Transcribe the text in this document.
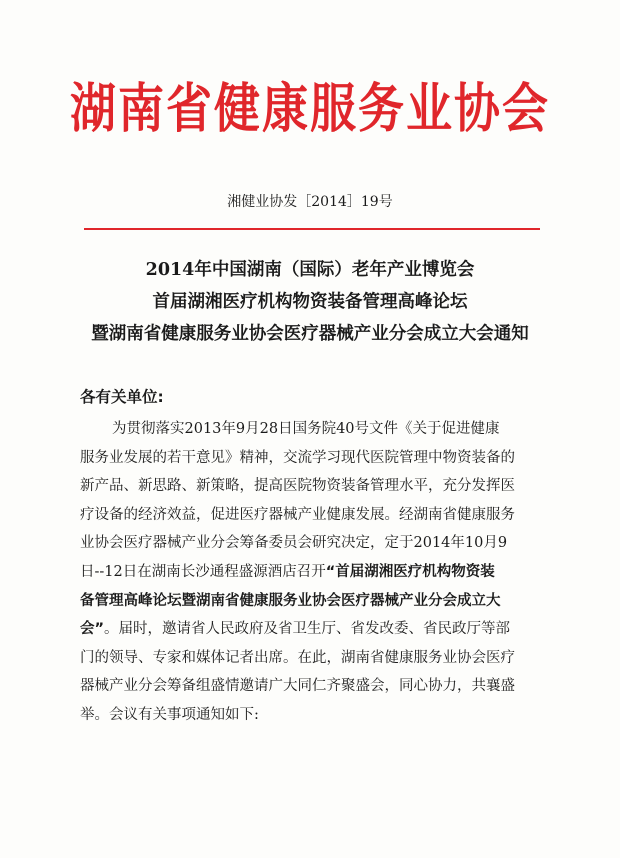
湖南省健康服务业协会
湘健业协发［2014］19号
2014年中国湖南（国际）老年产业博览会
首届湖湘医疗机构物资装备管理高峰论坛
暨湖南省健康服务业协会医疗器械产业分会成立大会通知
各有关单位:
为贯彻落实2013年9月28日国务院40号文件《关于促进健康
服务业发展的若干意见》精神，交流学习现代医院管理中物资装备的
新产品、新思路、新策略，提高医院物资装备管理水平，充分发挥医
疗设备的经济效益，促进医疗器械产业健康发展。经湖南省健康服务
业协会医疗器械产业分会筹备委员会研究决定，定于2014年10月9
日--12日在湖南长沙通程盛源酒店召开“首届湖湘医疗机构物资装
备管理高峰论坛暨湖南省健康服务业协会医疗器械产业分会成立大
会”。届时，邀请省人民政府及省卫生厅、省发改委、省民政厅等部
门的领导、专家和媒体记者出席。在此，湖南省健康服务业协会医疗
器械产业分会筹备组盛情邀请广大同仁齐聚盛会，同心协力，共襄盛
举。会议有关事项通知如下:
